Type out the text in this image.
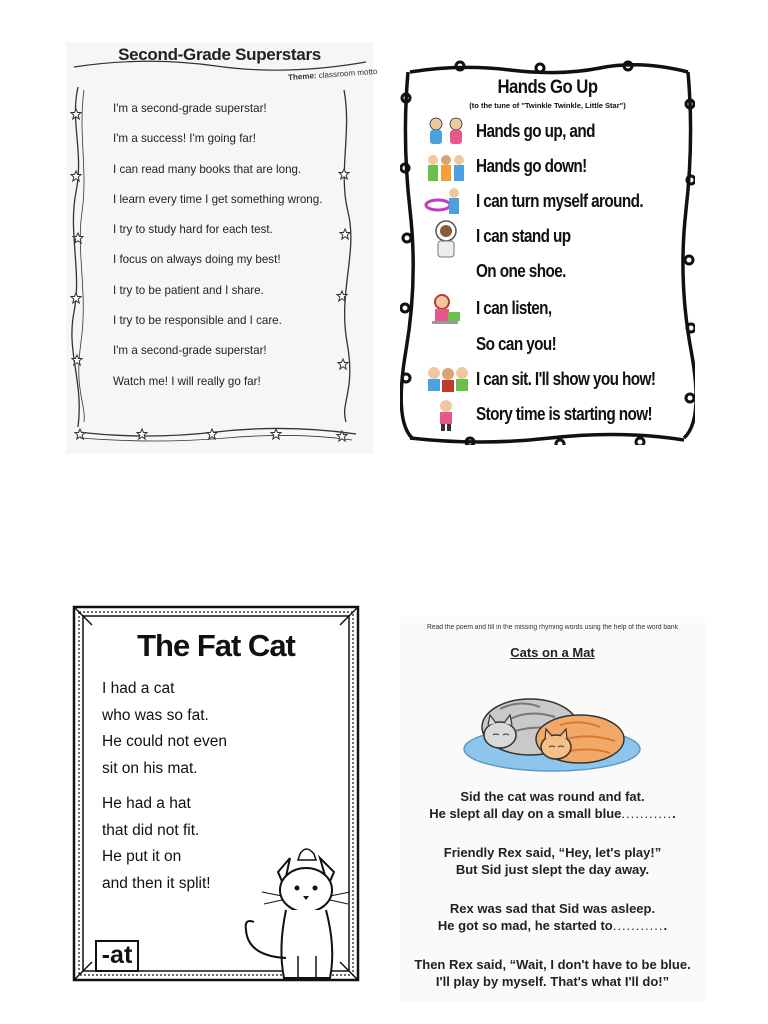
Second-Grade Superstars
Theme: classroom motto
I'm a second-grade superstar!
I'm a success! I'm going far!
I can read many books that are long.
I learn every time I get something wrong.
I try to study hard for each test.
I focus on always doing my best!
I try to be patient and I share.
I try to be responsible and I care.
I'm a second-grade superstar!
Watch me! I will really go far!
Hands Go Up
(to the tune of "Twinkle Twinkle, Little Star")
Hands go up, and
Hands go down!
I can turn myself around.
I can stand up
On one shoe.
I can listen,
So can you!
I can sit. I'll show you how!
Story time is starting now!
The Fat Cat
I had a cat
who was so fat.
He could not even
sit on his mat.
He had a hat
that did not fit.
He put it on
and then it split!
-at
Read the poem and fill in the missing rhyming words using the help of the word bank
Cats on a Mat
Sid the cat was round and fat.
He slept all day on a small blue............
Friendly Rex said, “Hey, let's play!”
But Sid just slept the day away.
Rex was sad that Sid was asleep.
He got so mad, he started to............
Then Rex said, “Wait, I don't have to be blue.
I'll play by myself. That's what I'll do!”
